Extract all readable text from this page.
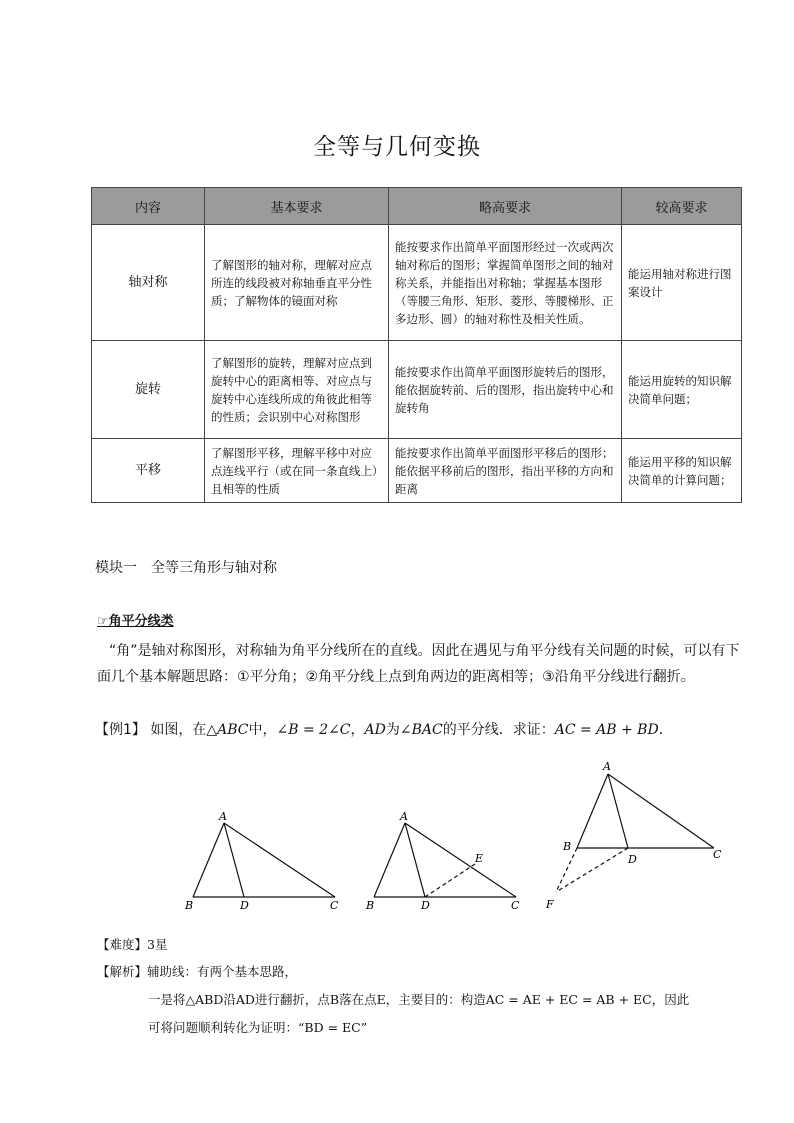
全等与几何变换
内容	基本要求	略高要求	较高要求
轴对称	了解图形的轴对称，理解对应点所连的线段被对称轴垂直平分性质；了解物体的镜面对称	能按要求作出简单平面图形经过一次或两次轴对称后的图形；掌握简单图形之间的轴对称关系，并能指出对称轴；掌握基本图形（等腰三角形、矩形、菱形、等腰梯形、正多边形、圆）的轴对称性及相关性质。	能运用轴对称进行图案设计
旋转	了解图形的旋转，理解对应点到旋转中心的距离相等、对应点与旋转中心连线所成的角彼此相等的性质；会识别中心对称图形	能按要求作出简单平面图形旋转后的图形，能依据旋转前、后的图形，指出旋转中心和旋转角	能运用旋转的知识解决简单问题；
平移	了解图形平移，理解平移中对应点连线平行（或在同一条直线上）且相等的性质	能按要求作出简单平面图形平移后的图形；能依据平移前后的图形，指出平移的方向和距离	能运用平移的知识解决简单的计算问题；
模块一　全等三角形与轴对称
☞角平分线类
“角”是轴对称图形，对称轴为角平分线所在的直线。因此在遇见与角平分线有关问题的时候，可以有下面几个基本解题思路：①平分角；②角平分线上点到角两边的距离相等；③沿角平分线进行翻折。
【例1】 如图，在△ABC中，∠B = 2∠C，AD为∠BAC的平分线．求证：AC = AB + BD．
A
B	D	C
A
B	D	C
E
A
B
D	C
F
【难度】3星
【解析】辅助线：有两个基本思路，
一是将△ABD沿AD进行翻折，点B落在点E，主要目的：构造AC = AE + EC = AB + EC，因此
可将问题顺利转化为证明：“BD = EC”
